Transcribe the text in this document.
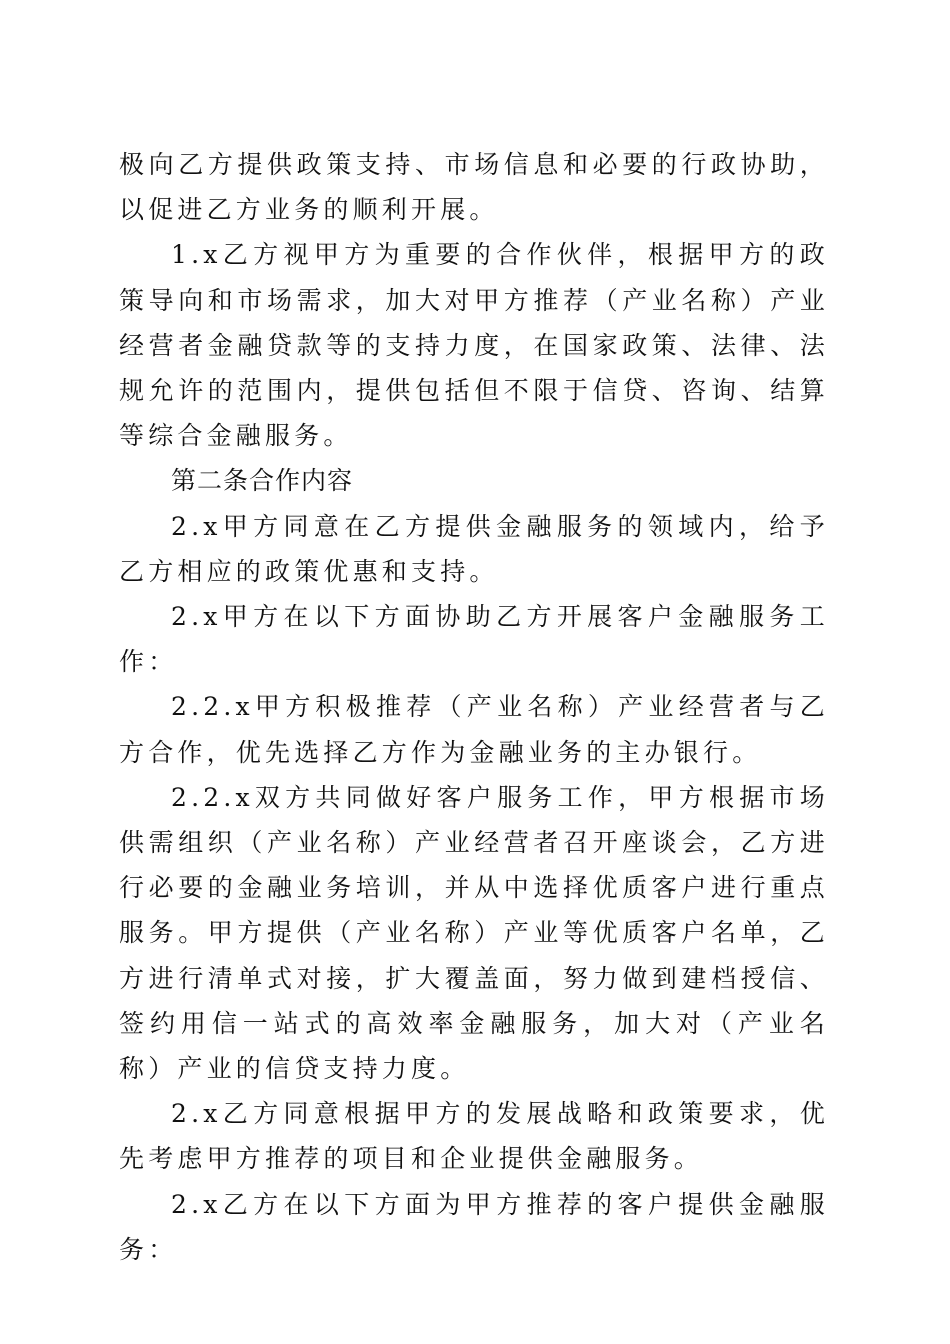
极向乙方提供政策支持、市场信息和必要的行政协助，以促进乙方业务的顺利开展。

1.x乙方视甲方为重要的合作伙伴，根据甲方的政策导向和市场需求，加大对甲方推荐（产业名称）产业经营者金融贷款等的支持力度，在国家政策、法律、法规允许的范围内，提供包括但不限于信贷、咨询、结算等综合金融服务。

第二条合作内容

2.x甲方同意在乙方提供金融服务的领域内，给予乙方相应的政策优惠和支持。

2.x甲方在以下方面协助乙方开展客户金融服务工作：

2.2.x甲方积极推荐（产业名称）产业经营者与乙方合作，优先选择乙方作为金融业务的主办银行。

2.2.x双方共同做好客户服务工作，甲方根据市场供需组织（产业名称）产业经营者召开座谈会，乙方进行必要的金融业务培训，并从中选择优质客户进行重点服务。甲方提供（产业名称）产业等优质客户名单，乙方进行清单式对接，扩大覆盖面，努力做到建档授信、签约用信一站式的高效率金融服务，加大对（产业名称）产业的信贷支持力度。

2.x乙方同意根据甲方的发展战略和政策要求，优先考虑甲方推荐的项目和企业提供金融服务。

2.x乙方在以下方面为甲方推荐的客户提供金融服务：
